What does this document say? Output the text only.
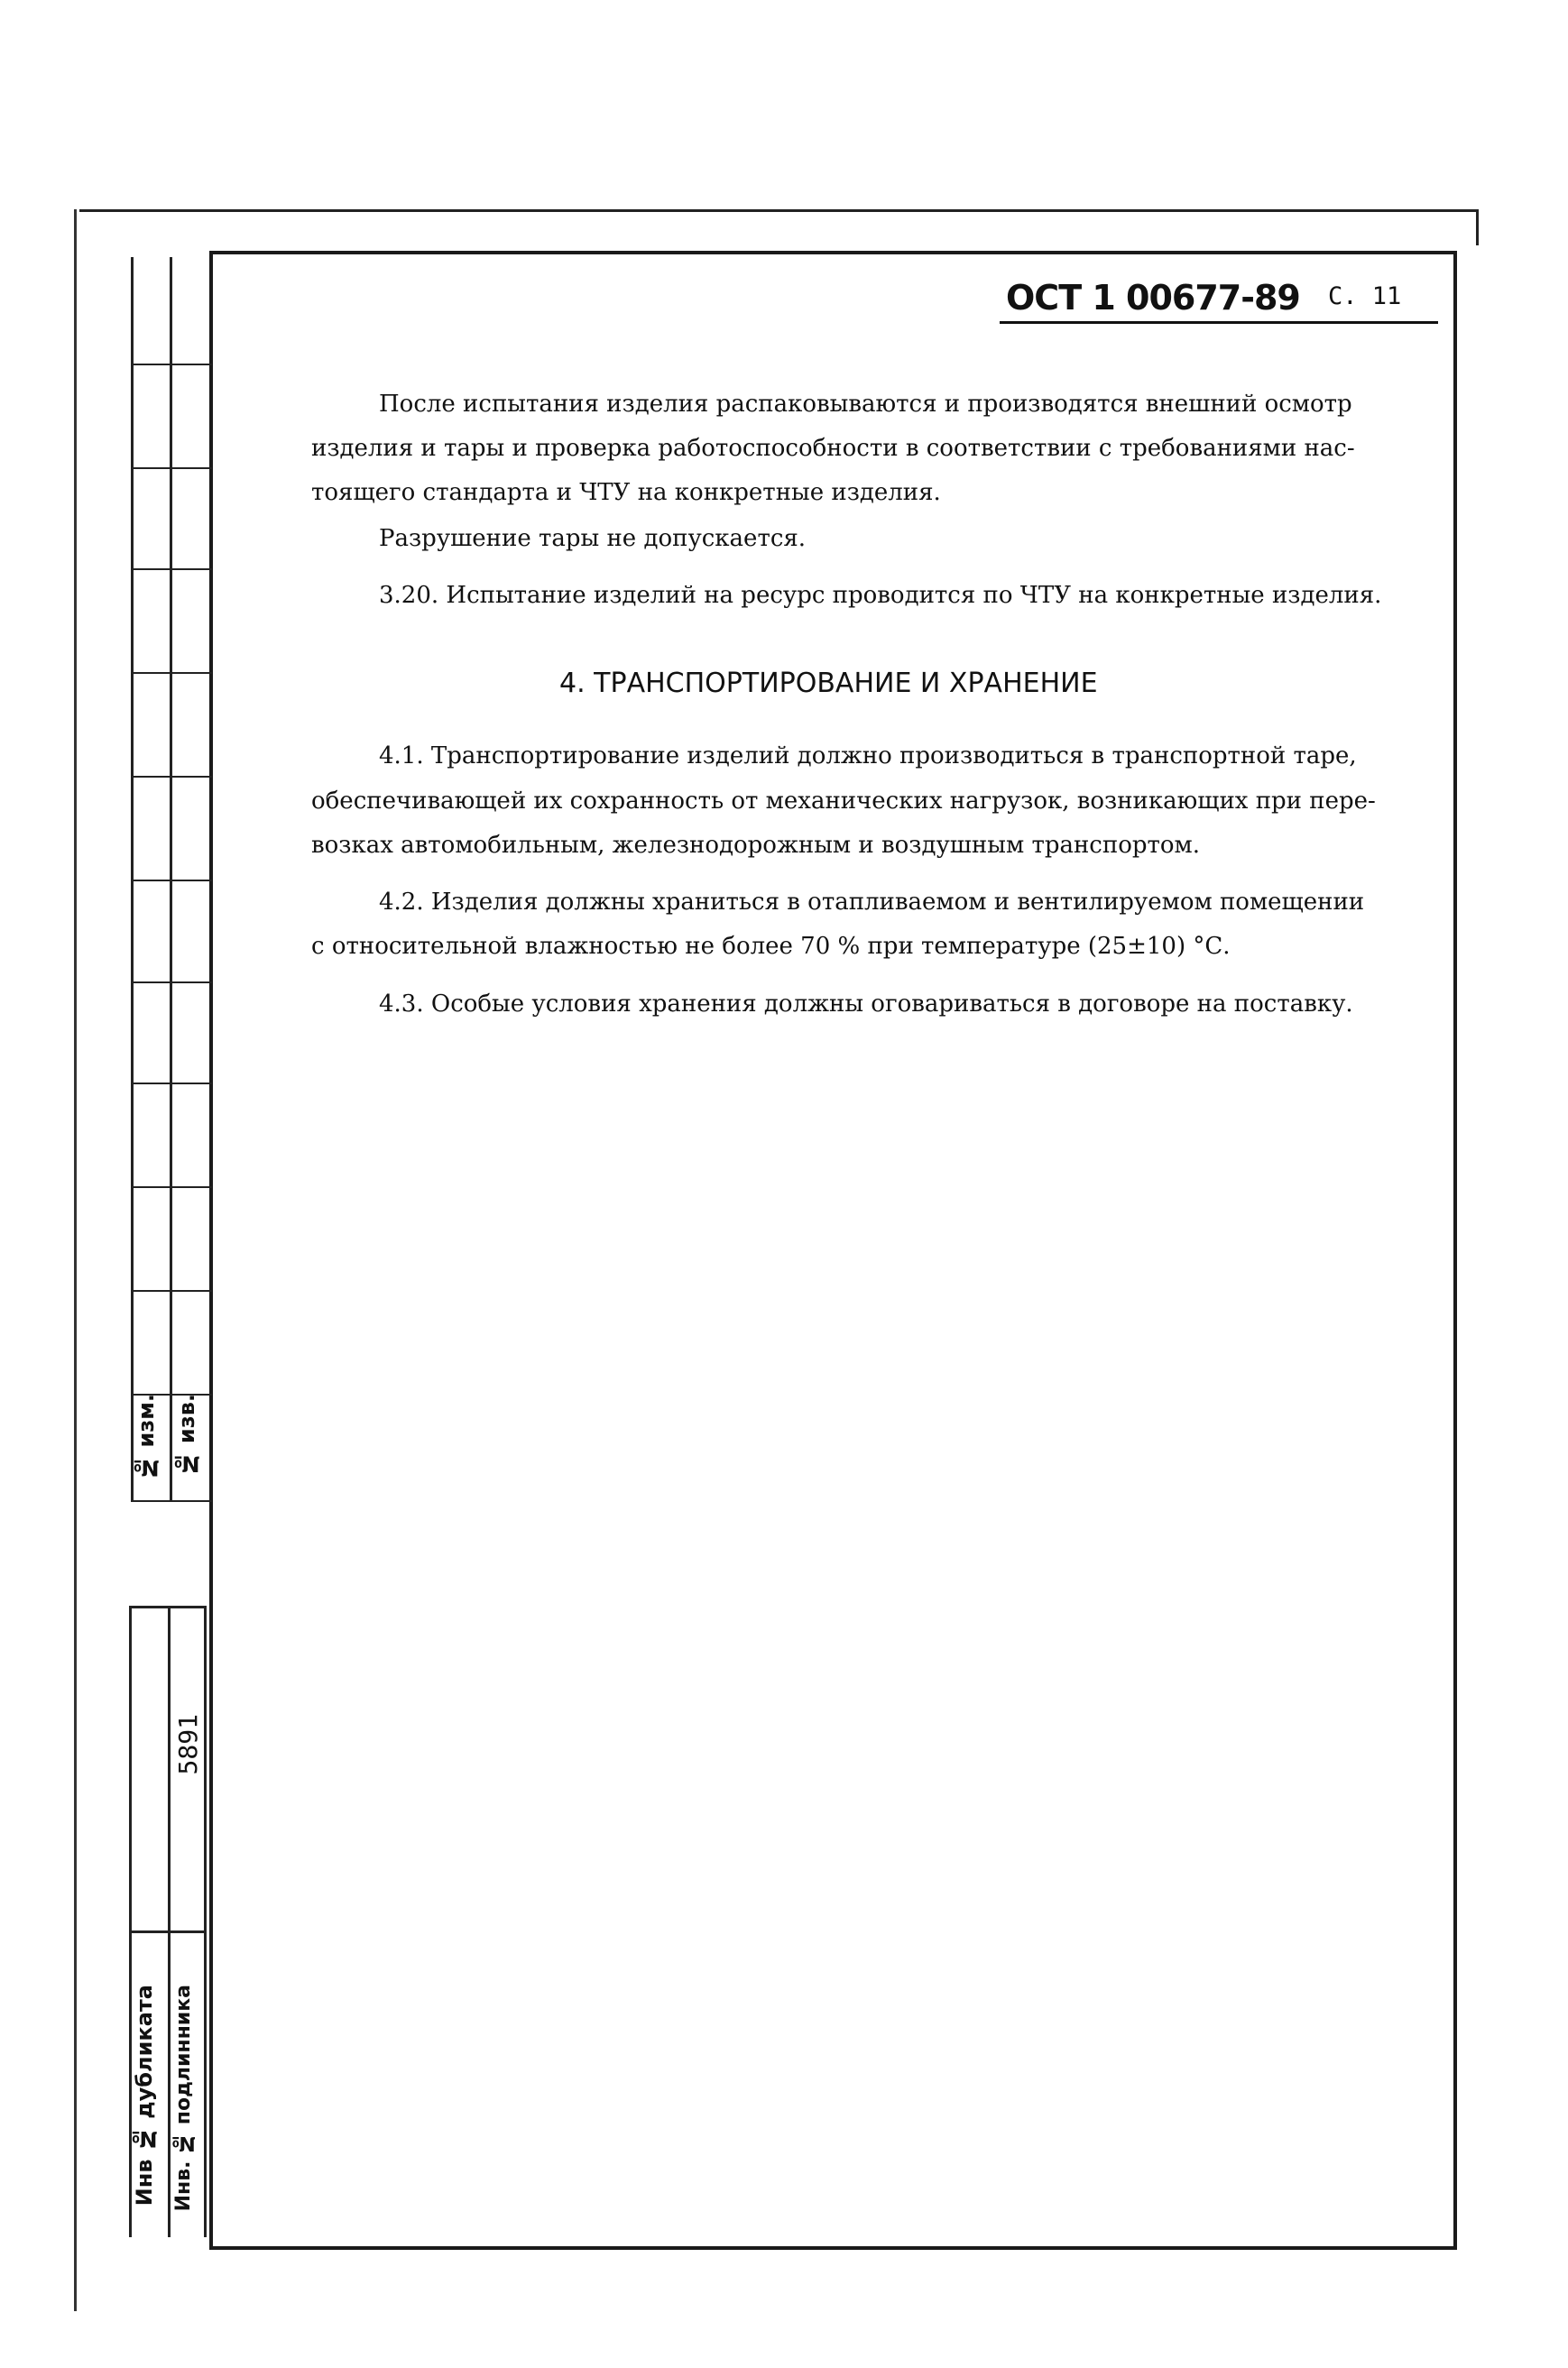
№ изм. № изв.
Инв № дубликата Инв. № подлинника
5891
ОСТ 1 00677-89 С. 11
После испытания изделия распаковываются и производятся внешний осмотр
изделия и тары и проверка работоспособности в соответствии с требованиями нас-
тоящего стандарта и ЧТУ на конкретные изделия.
Разрушение тары не допускается.
3.20. Испытание изделий на ресурс проводится по ЧТУ на конкретные изделия.
4. ТРАНСПОРТИРОВАНИЕ И ХРАНЕНИЕ
4.1. Транспортирование изделий должно производиться в транспортной таре,
обеспечивающей их сохранность от механических нагрузок, возникающих при пере-
возках автомобильным, железнодорожным и воздушным транспортом.
4.2. Изделия должны храниться в отапливаемом и вентилируемом помещении
с относительной влажностью не более 70 % при температуре (25±10) °С.
4.3. Особые условия хранения должны оговариваться в договоре на поставку.
